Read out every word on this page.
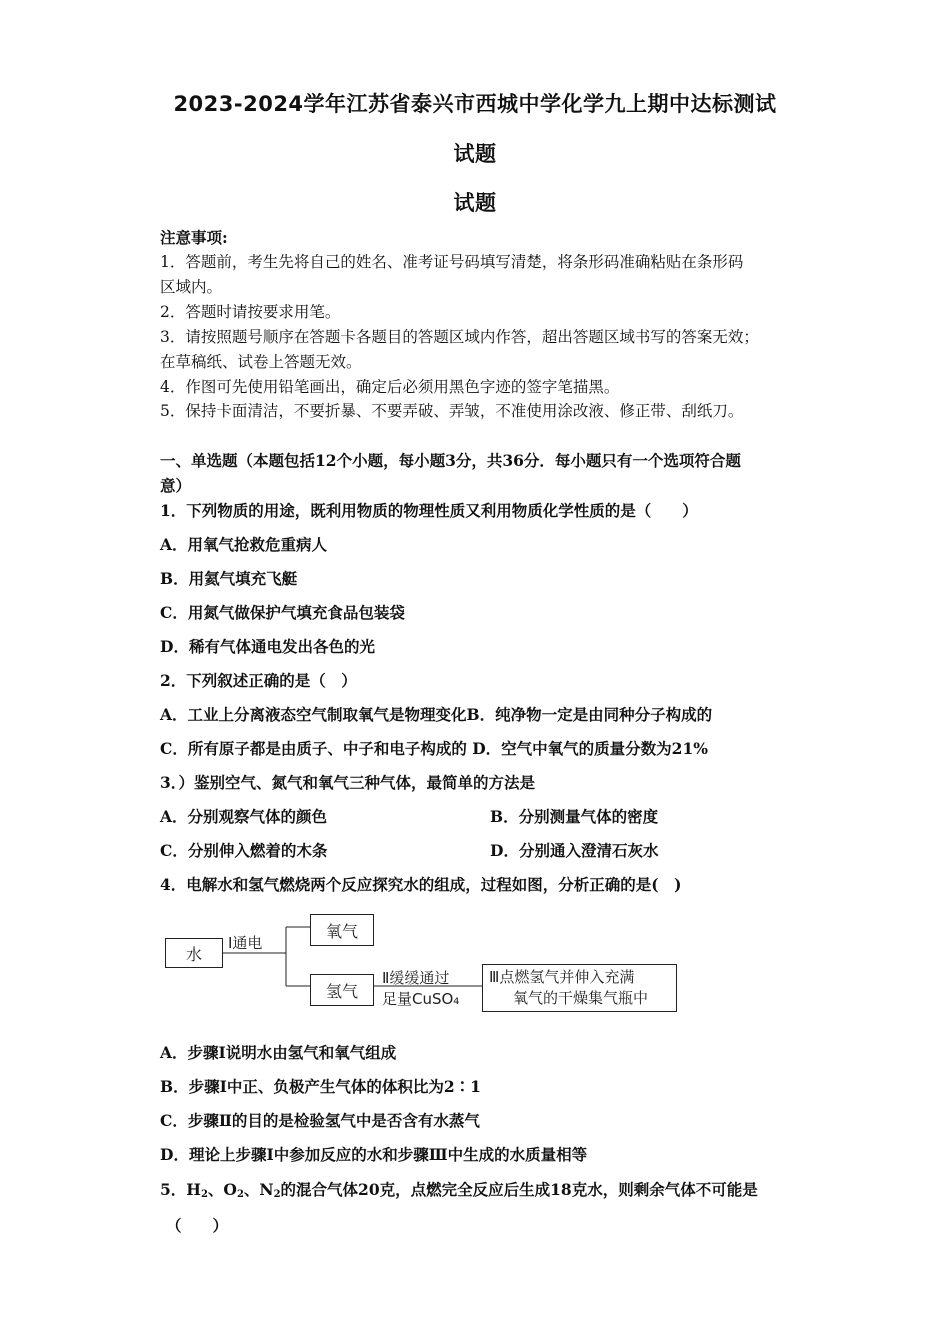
2023-2024学年江苏省泰兴市西城中学化学九上期中达标测试
试题
试题
注意事项:
1．答题前，考生先将自己的姓名、准考证号码填写清楚，将条形码准确粘贴在条形码
区域内。
2．答题时请按要求用笔。
3．请按照题号顺序在答题卡各题目的答题区域内作答，超出答题区域书写的答案无效；
在草稿纸、试卷上答题无效。
4．作图可先使用铅笔画出，确定后必须用黑色字迹的签字笔描黑。
5．保持卡面清洁，不要折暴、不要弄破、弄皱，不准使用涂改液、修正带、刮纸刀。
一、单选题（本题包括12个小题，每小题3分，共36分．每小题只有一个选项符合题
意）
1．下列物质的用途，既利用物质的物理性质又利用物质化学性质的是（　　）
A．用氧气抢救危重病人
B．用氦气填充飞艇
C．用氮气做保护气填充食品包装袋
D．稀有气体通电发出各色的光
2．下列叙述正确的是（　）
A．工业上分离液态空气制取氧气是物理变化B．纯净物一定是由同种分子构成的
C．所有原子都是由质子、中子和电子构成的 D．空气中氧气的质量分数为21%
3．）鉴别空气、氮气和氧气三种气体，最简单的方法是
A．分别观察气体的颜色	B．分别测量气体的密度
C．分别伸入燃着的木条	D．分别通入澄清石灰水
4．电解水和氢气燃烧两个反应探究水的组成，过程如图，分析正确的是(　)
水
Ⅰ通电
氧气
氢气
Ⅱ缓缓通过
足量CuSO₄
Ⅲ点燃氢气并伸入充满
氧气的干燥集气瓶中
A．步骤Ⅰ说明水由氢气和氧气组成
B．步骤Ⅰ中正、负极产生气体的体积比为2∶1
C．步骤Ⅱ的目的是检验氢气中是否含有水蒸气
D．理论上步骤Ⅰ中参加反应的水和步骤Ⅲ中生成的水质量相等
5．$H_2$、$O_2$、$N_2$的混合气体20克，点燃完全反应后生成18克水，则剩余气体不可能是
（　　）
